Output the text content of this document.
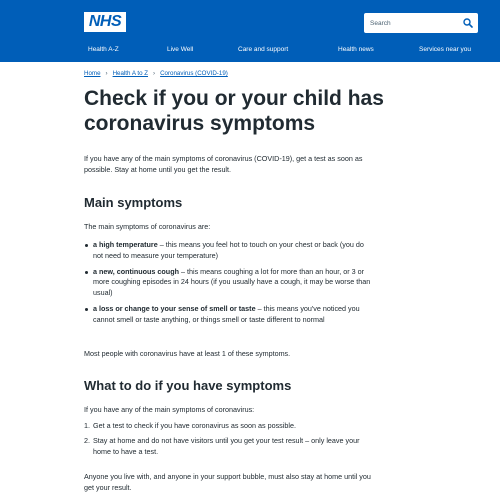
NHS
Search
Health A-Z	Live Well	Care and support	Health news	Services near you
Home › Health A to Z › Coronavirus (COVID-19)
Check if you or your child has coronavirus symptoms

If you have any of the main symptoms of coronavirus (COVID-19), get a test as soon as possible. Stay at home until you get the result.

Main symptoms

The main symptoms of coronavirus are:

a high temperature – this means you feel hot to touch on your chest or back (you do not need to measure your temperature)
a new, continuous cough – this means coughing a lot for more than an hour, or 3 or more coughing episodes in 24 hours (if you usually have a cough, it may be worse than usual)
a loss or change to your sense of smell or taste – this means you've noticed you cannot smell or taste anything, or things smell or taste different to normal

Most people with coronavirus have at least 1 of these symptoms.

What to do if you have symptoms

If you have any of the main symptoms of coronavirus:

1. Get a test to check if you have coronavirus as soon as possible.
2. Stay at home and do not have visitors until you get your test result – only leave your home to have a test.

Anyone you live with, and anyone in your support bubble, must also stay at home until you get your result.
